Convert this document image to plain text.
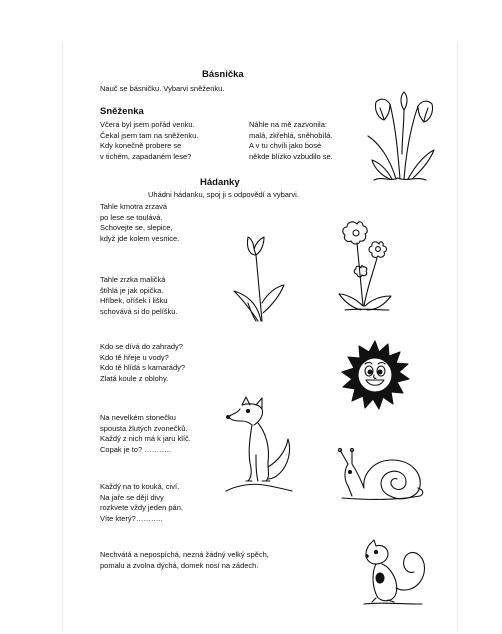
Básnička
Nauč se básničku. Vybarvi sněženku.
Sněženka
Včera byl jsem pořád venku.
Čekal jsem tam na sněženku.
Kdy konečně probere se
v tichém, zapadaném lese?
Náhle na mě zazvonila:
malá, zkřehlá, sněhobílá.
A v tu chvíli jako bosé
někde blízko vzbudilo se.
Hádanky
Uhádni hádanku, spoj ji s odpovědí a vybarvi.
Tahle kmotra zrzavá
po lese se toulává.
Schovejte se, slepice,
když jde kolem vesnice.
Tahle zrzka maličká
štíhlá je jak opička.
Hříbek, oříšek i lišku
schovává si do pelíšku.
Kdo se dívá do zahrady?
Kdo tě hřeje u vody?
Kdo tě hlídá s kamarády?
Zlatá koule z oblohy.
Na nevelkém stonečku
spousta žlutých zvonečků.
Každý z nich má k jaru klíč.
Copak je to? ………..
Každý na to kouká, civí.
Na jaře se dějí divy
rozkvete vždy jeden pán.
Víte který?………..
Nechvátá a nepospíchá, nezná žádný velký spěch,
pomalu a zvolna dýchá, domek nosí na zádech.
